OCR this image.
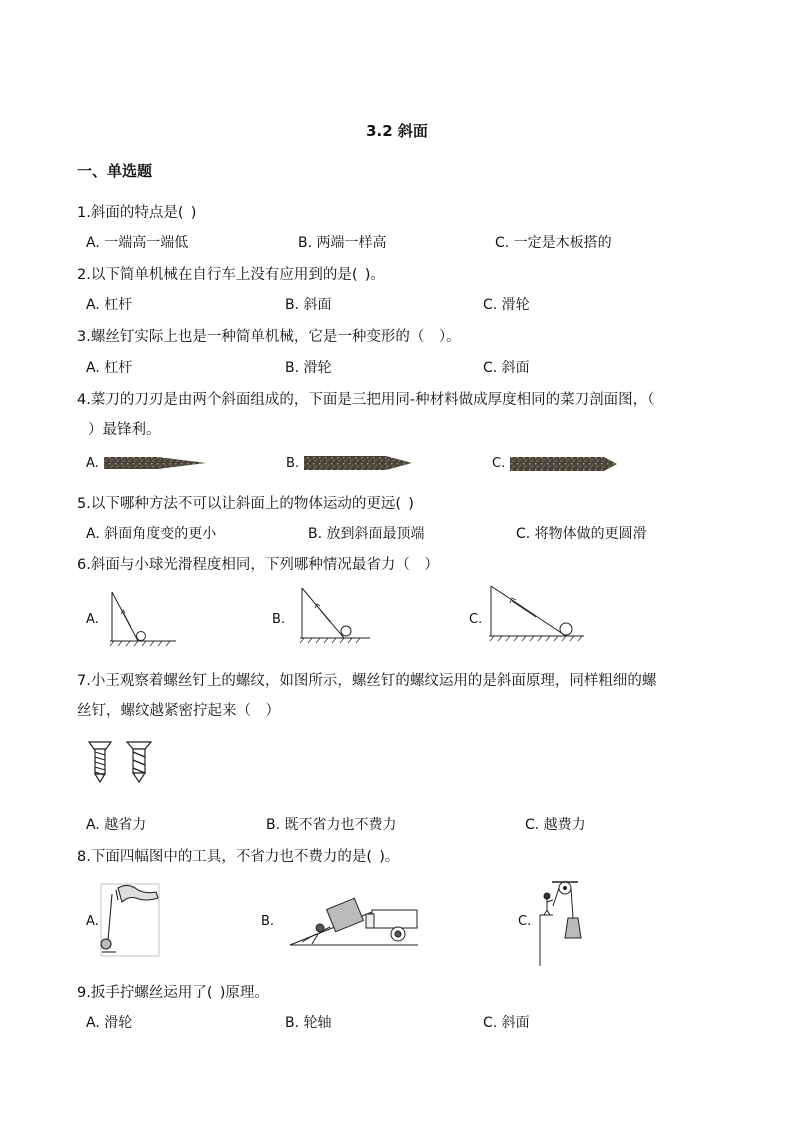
3.2 斜面
一、单选题
1.斜面的特点是( )
A. 一端高一端低	B. 两端一样高	C. 一定是木板搭的
2.以下简单机械在自行车上没有应用到的是( )。
A. 杠杆	B. 斜面	C. 滑轮
3.螺丝钉实际上也是一种简单机械，它是一种变形的（ ）。
A. 杠杆	B. 滑轮	C. 斜面
4.菜刀的刀刃是由两个斜面组成的，下面是三把用同-种材料做成厚度相同的菜刀剖面图，（
）最锋利。
A.	B.	C.
5.以下哪种方法不可以让斜面上的物体运动的更远( )
A. 斜面角度变的更小	B. 放到斜面最顶端	C. 将物体做的更圆滑
6.斜面与小球光滑程度相同，下列哪种情况最省力（ ）
A.	B.	C.
7.小王观察着螺丝钉上的螺纹，如图所示，螺丝钉的螺纹运用的是斜面原理，同样粗细的螺
丝钉，螺纹越紧密拧起来（ ）
A. 越省力	B. 既不省力也不费力	C. 越费力
8.下面四幅图中的工具，不省力也不费力的是( )。
A.	B.	C.
9.扳手拧螺丝运用了( )原理。
A. 滑轮	B. 轮轴	C. 斜面
